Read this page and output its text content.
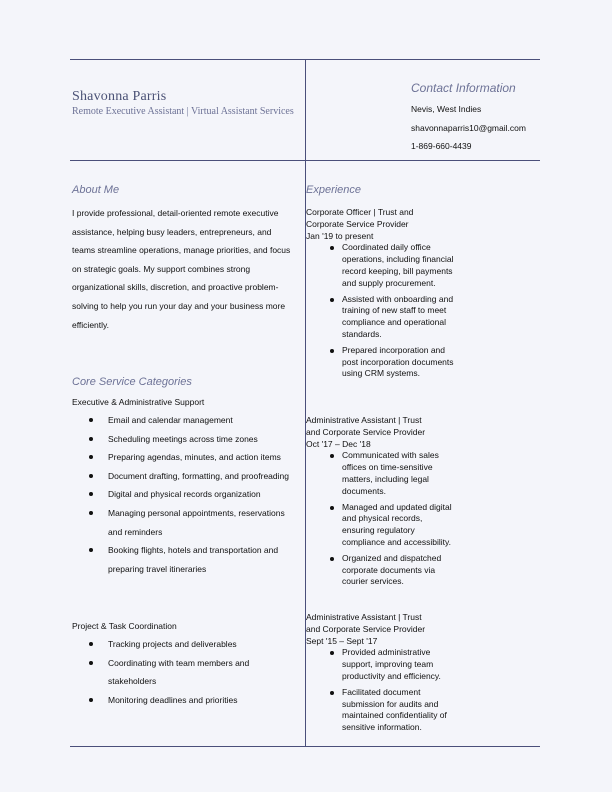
Shavonna Parris
Remote Executive Assistant | Virtual Assistant Services
Contact Information
Nevis, West Indies
shavonnaparris10@gmail.com
1-869-660-4439
About Me

I provide professional, detail-oriented remote executive assistance, helping busy leaders, entrepreneurs, and teams streamline operations, manage priorities, and focus on strategic goals. My support combines strong organizational skills, discretion, and proactive problem-solving to help you run your day and your business more efficiently.

Core Service Categories
Executive & Administrative Support
Email and calendar management
Scheduling meetings across time zones
Preparing agendas, minutes, and action items
Document drafting, formatting, and proofreading
Digital and physical records organization
Managing personal appointments, reservations and reminders
Booking flights, hotels and transportation and preparing travel itineraries
Project & Task Coordination
Tracking projects and deliverables
Coordinating with team members and stakeholders
Monitoring deadlines and priorities
Experience
Corporate Officer | Trust and
Corporate Service Provider
Jan '19 to present
Coordinated daily office operations, including financial record keeping, bill payments and supply procurement.
Assisted with onboarding and training of new staff to meet compliance and operational standards.
Prepared incorporation and post incorporation documents using CRM systems.
Administrative Assistant | Trust
and Corporate Service Provider
Oct '17 – Dec '18
Communicated with sales offices on time-sensitive matters, including legal documents.
Managed and updated digital and physical records, ensuring regulatory compliance and accessibility.
Organized and dispatched corporate documents via courier services.
Administrative Assistant | Trust
and Corporate Service Provider
Sept '15 – Sept '17
Provided administrative support, improving team productivity and efficiency.
Facilitated document submission for audits and maintained confidentiality of sensitive information.
